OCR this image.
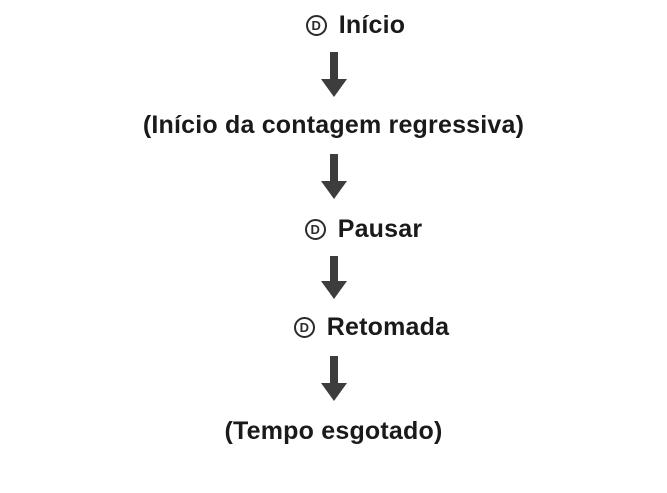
D Início
(Início da contagem regressiva)
D Pausar
D Retomada
(Tempo esgotado)
